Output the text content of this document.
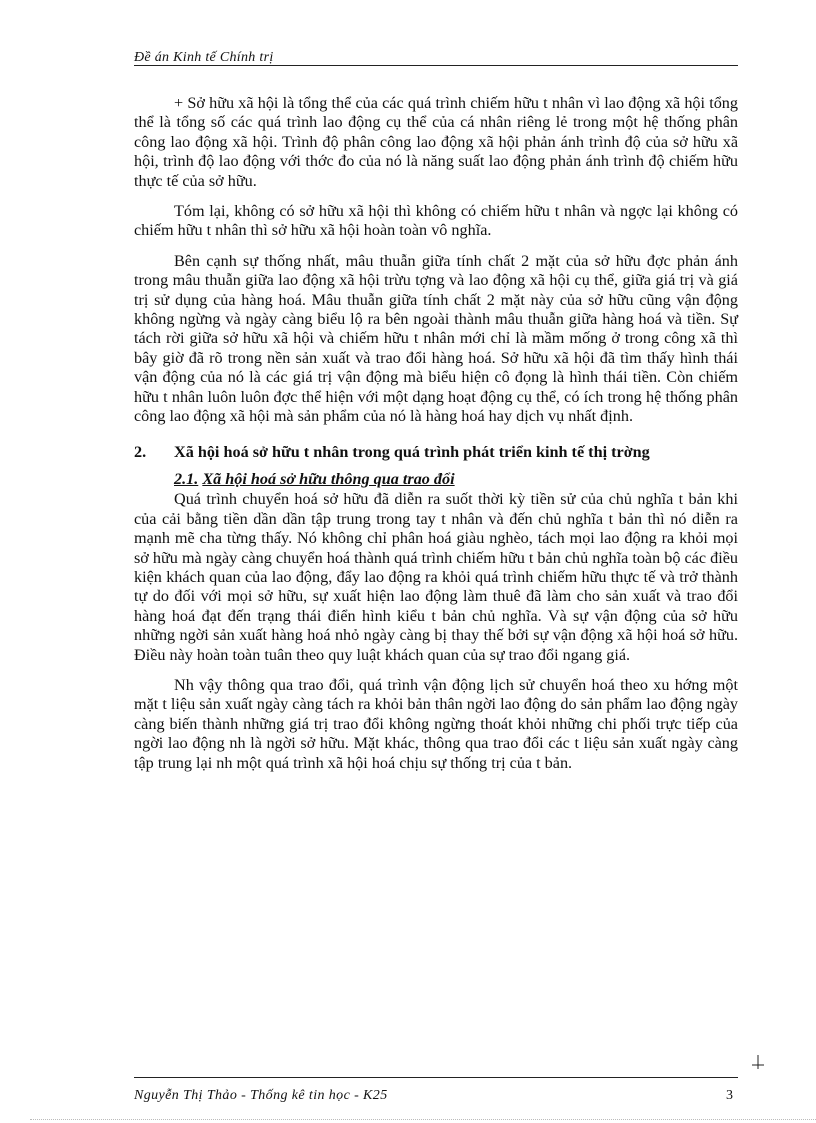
Đề án Kinh tế Chính trị

+ Sở hữu xã hội là tổng thể của các quá trình chiếm hữu t nhân vì lao động xã hội tổng thể là tổng số các quá trình lao động cụ thể của cá nhân riêng lẻ trong một hệ thống phân công lao động xã hội. Trình độ phân công lao động xã hội phản ánh trình độ của sở hữu xã hội, trình độ lao động với thớc đo của nó là năng suất lao động phản ánh trình độ chiếm hữu thực tế của sở hữu.

Tóm lại, không có sở hữu xã hội thì không có chiếm hữu t nhân và ngợc lại không có chiếm hữu t nhân thì sở hữu xã hội hoàn toàn vô nghĩa.

Bên cạnh sự thống nhất, mâu thuẫn giữa tính chất 2 mặt của sở hữu đợc phản ánh trong mâu thuẫn giữa lao động xã hội trừu tợng và lao động xã hội cụ thể, giữa giá trị và giá trị sử dụng của hàng hoá. Mâu thuẫn giữa tính chất 2 mặt này của sở hữu cũng vận động không ngừng và ngày càng biểu lộ ra bên ngoài thành mâu thuẫn giữa hàng hoá và tiền. Sự tách rời giữa sở hữu xã hội và chiếm hữu t nhân mới chỉ là mầm mống ở trong công xã thì bây giờ đã rõ trong nền sản xuất và trao đổi hàng hoá. Sở hữu xã hội đã tìm thấy hình thái vận động của nó là các giá trị vận động mà biểu hiện cô đọng là hình thái tiền. Còn chiếm hữu t nhân luôn luôn đợc thể hiện với một dạng hoạt động cụ thể, có ích trong hệ thống phân công lao động xã hội mà sản phẩm của nó là hàng hoá hay dịch vụ nhất định.

2.	Xã hội hoá sở hữu t nhân trong quá trình phát triển kinh tế thị trờng
2.1. Xã hội hoá sở hữu thông qua trao đổi

Quá trình chuyển hoá sở hữu đã diễn ra suốt thời kỳ tiền sử của chủ nghĩa t bản khi của cải bằng tiền dần dần tập trung trong tay t nhân và đến chủ nghĩa t bản thì nó diễn ra mạnh mẽ cha từng thấy. Nó không chỉ phân hoá giàu nghèo, tách mọi lao động ra khỏi mọi sở hữu mà ngày càng chuyển hoá thành quá trình chiếm hữu t bản chủ nghĩa toàn bộ các điều kiện khách quan của lao động, đẩy lao động ra khỏi quá trình chiếm hữu thực tế và trở thành tự do đối với mọi sở hữu, sự xuất hiện lao động làm thuê đã làm cho sản xuất và trao đổi hàng hoá đạt đến trạng thái điển hình kiểu t bản chủ nghĩa. Và sự vận động của sở hữu những ngời sản xuất hàng hoá nhỏ ngày càng bị thay thế bởi sự vận động xã hội hoá sở hữu. Điều này hoàn toàn tuân theo quy luật khách quan của sự trao đổi ngang giá.

Nh vậy thông qua trao đổi, quá trình vận động lịch sử chuyển hoá theo xu hớng một mặt t liệu sản xuất ngày càng tách ra khỏi bản thân ngời lao động do sản phẩm lao động ngày càng biến thành những giá trị trao đổi không ngừng thoát khỏi những chi phối trực tiếp của ngời lao động nh là ngời sở hữu. Mặt khác, thông qua trao đổi các t liệu sản xuất ngày càng tập trung lại nh một quá trình xã hội hoá chịu sự thống trị của t bản.

Nguyễn Thị Thảo - Thống kê tin học - K25	3
